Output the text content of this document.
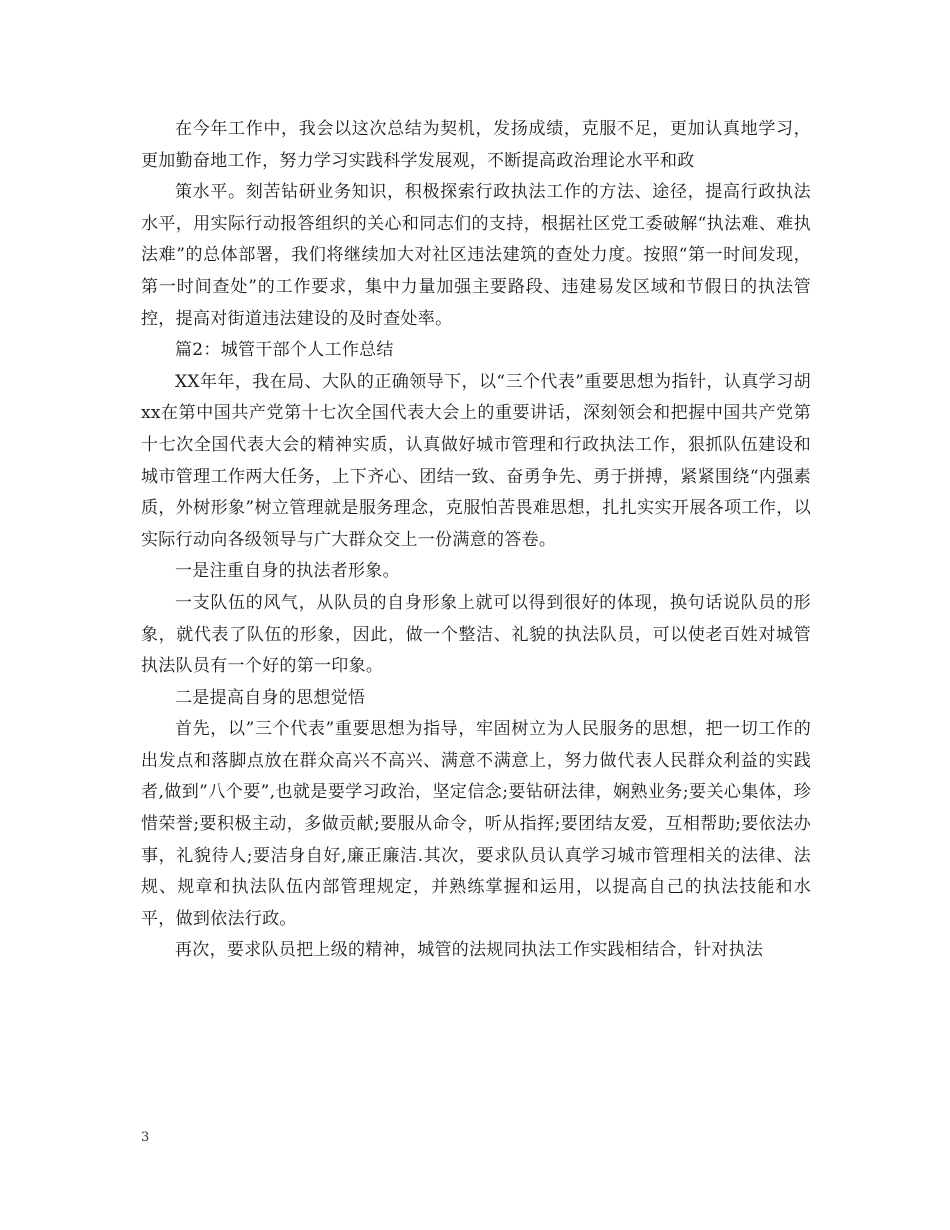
在今年工作中，我会以这次总结为契机，发扬成绩，克服不足，更加认真地学习，更加勤奋地工作，努力学习实践科学发展观，不断提高政治理论水平和政

策水平。刻苦钻研业务知识，积极探索行政执法工作的方法、途径，提高行政执法水平，用实际行动报答组织的关心和同志们的支持，根据社区党工委破解“执法难、难执法难”的总体部署，我们将继续加大对社区违法建筑的查处力度。按照“第一时间发现，第一时间查处”的工作要求，集中力量加强主要路段、违建易发区域和节假日的执法管控，提高对街道违法建设的及时查处率。

篇2：城管干部个人工作总结

XX年年，我在局、大队的正确领导下，以“三个代表”重要思想为指针，认真学习胡xx在第中国共产党第十七次全国代表大会上的重要讲话，深刻领会和把握中国共产党第十七次全国代表大会的精神实质，认真做好城市管理和行政执法工作，狠抓队伍建设和城市管理工作两大任务，上下齐心、团结一致、奋勇争先、勇于拼搏，紧紧围绕“内强素质，外树形象”树立管理就是服务理念，克服怕苦畏难思想，扎扎实实开展各项工作，以实际行动向各级领导与广大群众交上一份满意的答卷。

一是注重自身的执法者形象。

一支队伍的风气，从队员的自身形象上就可以得到很好的体现，换句话说队员的形象，就代表了队伍的形象，因此，做一个整洁、礼貌的执法队员，可以使老百姓对城管执法队员有一个好的第一印象。

二是提高自身的思想觉悟

首先，以”三个代表”重要思想为指导，牢固树立为人民服务的思想，把一切工作的出发点和落脚点放在群众高兴不高兴、满意不满意上，努力做代表人民群众利益的实践者,做到”八个要”,也就是要学习政治，坚定信念;要钻研法律，娴熟业务;要关心集体，珍惜荣誉;要积极主动，多做贡献;要服从命令，听从指挥;要团结友爱，互相帮助;要依法办事，礼貌待人;要洁身自好,廉正廉洁.其次，要求队员认真学习城市管理相关的法律、法规、规章和执法队伍内部管理规定，并熟练掌握和运用，以提高自己的执法技能和水平，做到依法行政。

再次，要求队员把上级的精神，城管的法规同执法工作实践相结合，针对执法

3
